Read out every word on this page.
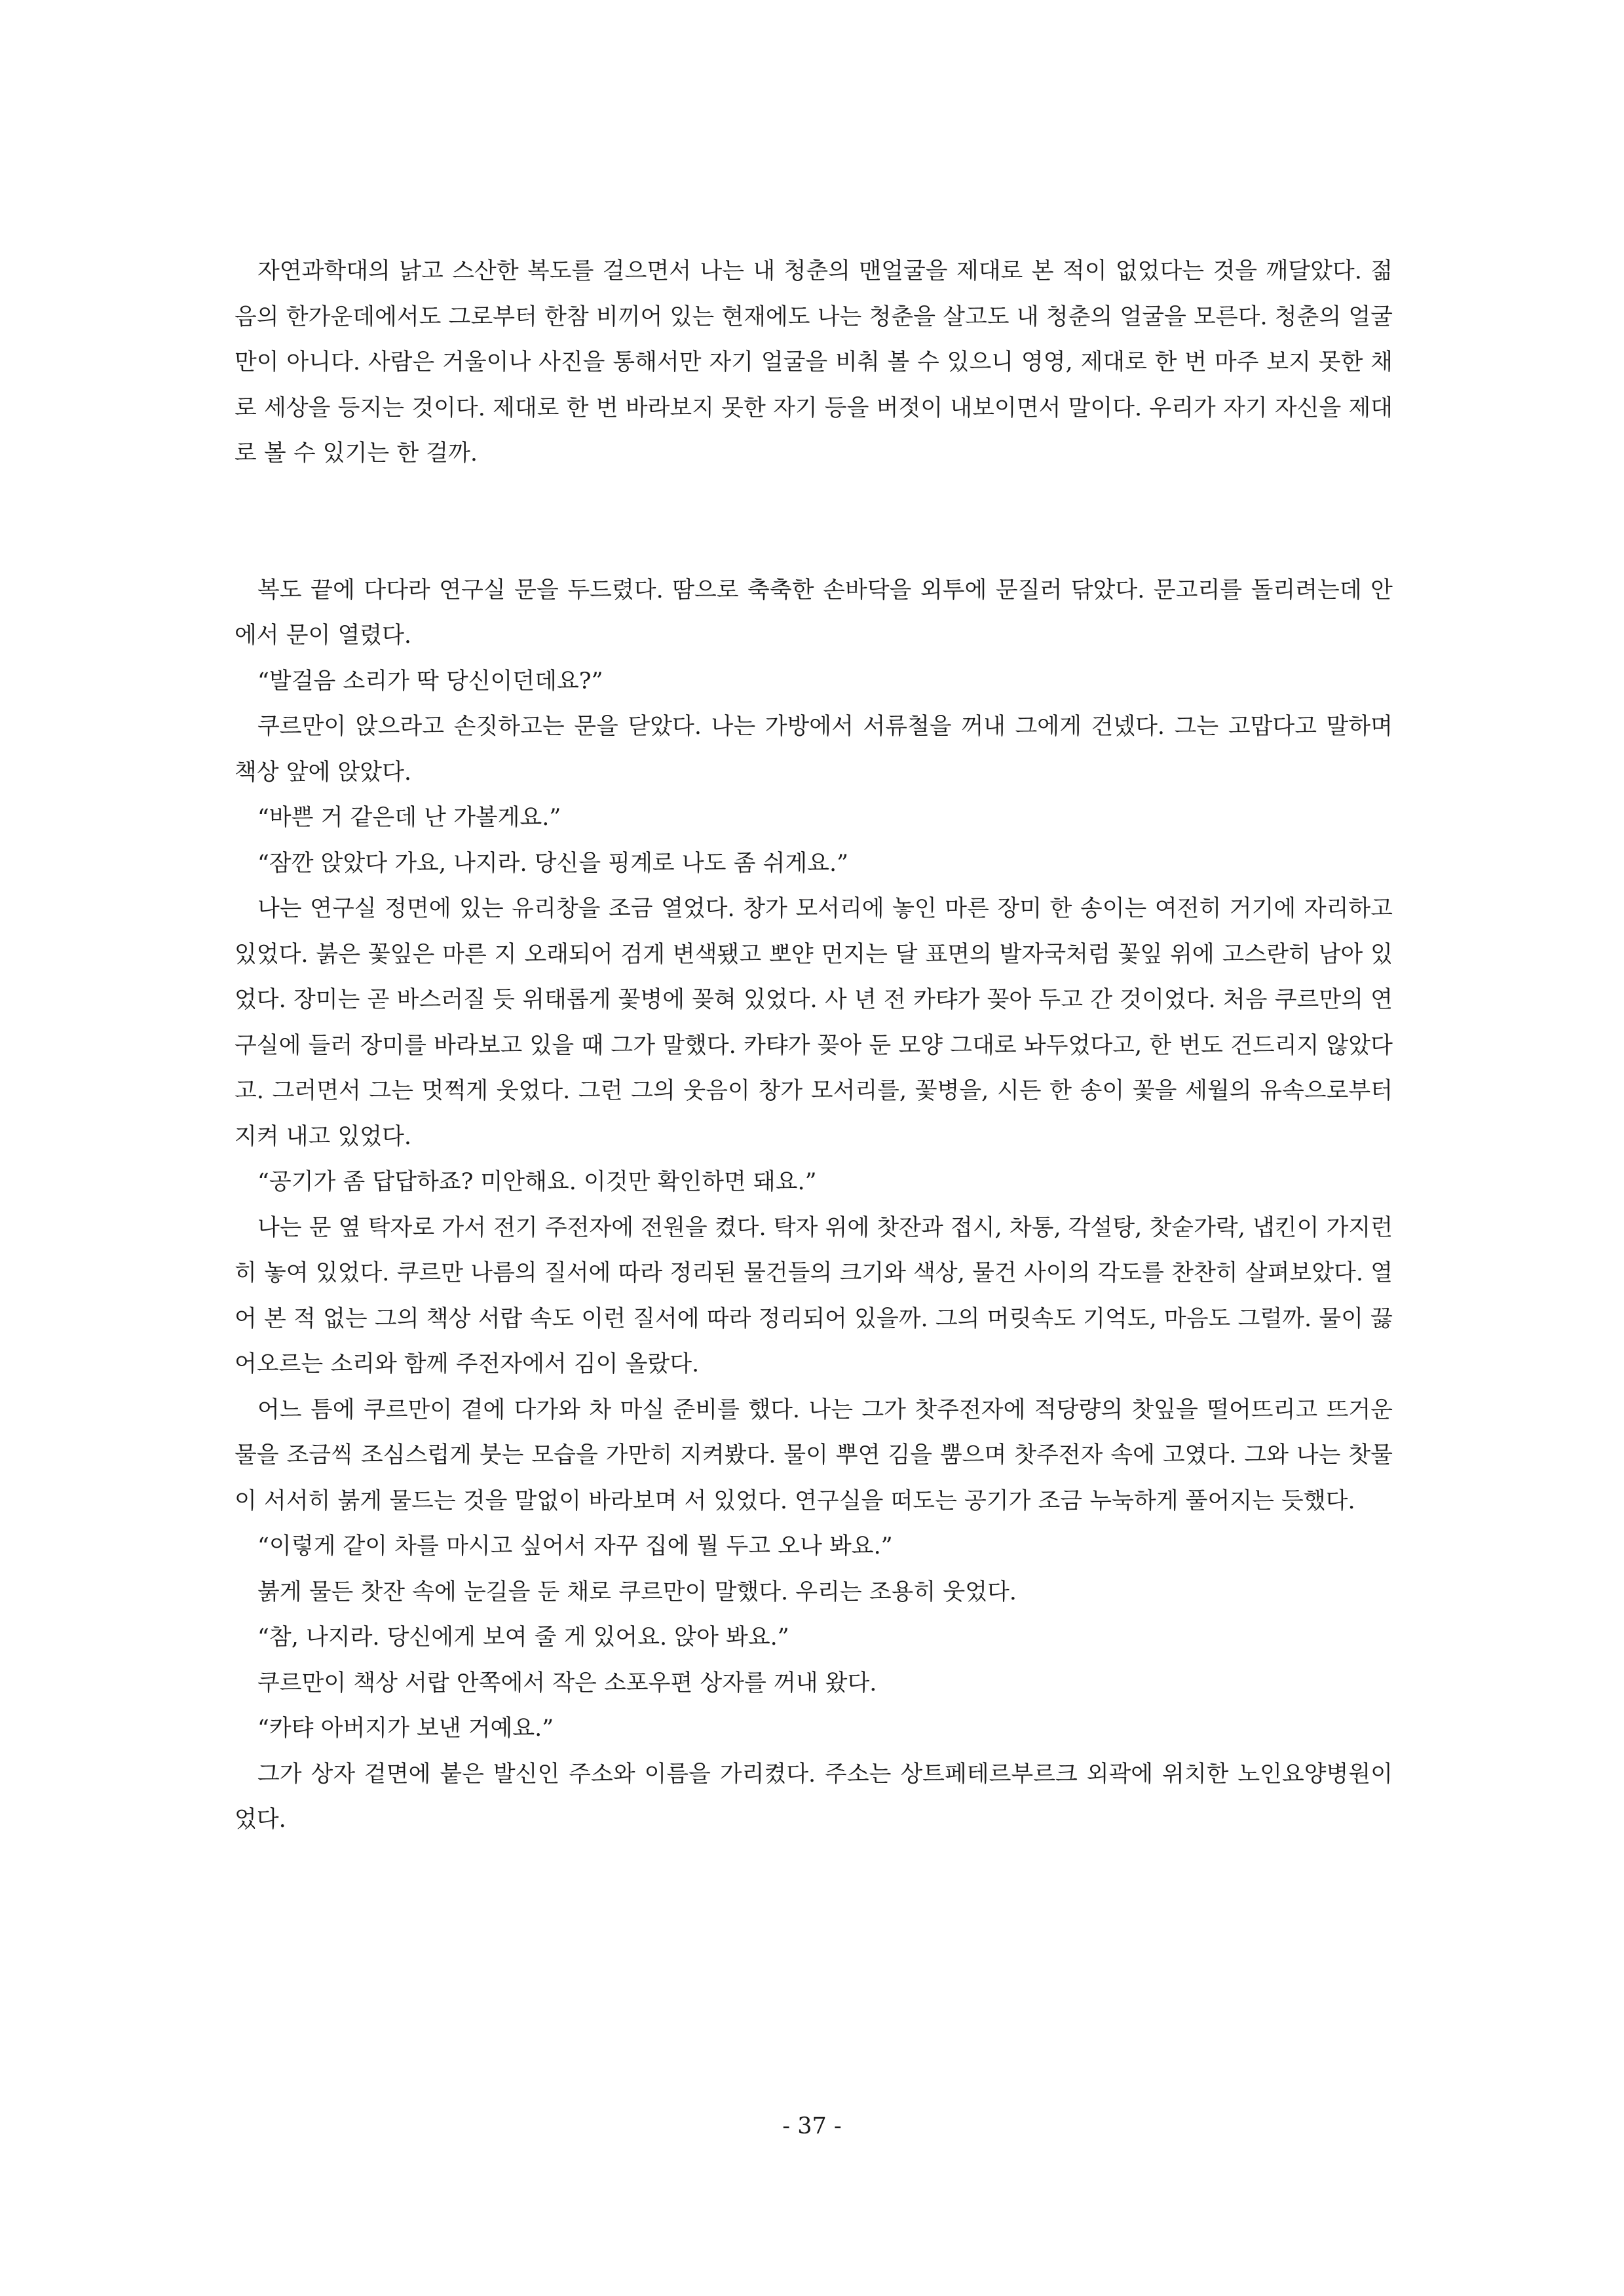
자연과학대의 낡고 스산한 복도를 걸으면서 나는 내 청춘의 맨얼굴을 제대로 본 적이 없었다는 것을 깨달았다. 젊음의 한가운데에서도 그로부터 한참 비끼어 있는 현재에도 나는 청춘을 살고도 내 청춘의 얼굴을 모른다. 청춘의 얼굴만이 아니다. 사람은 거울이나 사진을 통해서만 자기 얼굴을 비춰 볼 수 있으니 영영, 제대로 한 번 마주 보지 못한 채로 세상을 등지는 것이다. 제대로 한 번 바라보지 못한 자기 등을 버젓이 내보이면서 말이다. 우리가 자기 자신을 제대로 볼 수 있기는 한 걸까.

복도 끝에 다다라 연구실 문을 두드렸다. 땀으로 축축한 손바닥을 외투에 문질러 닦았다. 문고리를 돌리려는데 안에서 문이 열렸다.

“발걸음 소리가 딱 당신이던데요?”

쿠르만이 앉으라고 손짓하고는 문을 닫았다. 나는 가방에서 서류철을 꺼내 그에게 건넸다. 그는 고맙다고 말하며 책상 앞에 앉았다.

“바쁜 거 같은데 난 가볼게요.”

“잠깐 앉았다 가요, 나지라. 당신을 핑계로 나도 좀 쉬게요.”

나는 연구실 정면에 있는 유리창을 조금 열었다. 창가 모서리에 놓인 마른 장미 한 송이는 여전히 거기에 자리하고 있었다. 붉은 꽃잎은 마른 지 오래되어 검게 변색됐고 뽀얀 먼지는 달 표면의 발자국처럼 꽃잎 위에 고스란히 남아 있었다. 장미는 곧 바스러질 듯 위태롭게 꽃병에 꽂혀 있었다. 사 년 전 카탸가 꽂아 두고 간 것이었다. 처음 쿠르만의 연구실에 들러 장미를 바라보고 있을 때 그가 말했다. 카탸가 꽂아 둔 모양 그대로 놔두었다고, 한 번도 건드리지 않았다고. 그러면서 그는 멋쩍게 웃었다. 그런 그의 웃음이 창가 모서리를, 꽃병을, 시든 한 송이 꽃을 세월의 유속으로부터 지켜 내고 있었다.

“공기가 좀 답답하죠? 미안해요. 이것만 확인하면 돼요.”

나는 문 옆 탁자로 가서 전기 주전자에 전원을 켰다. 탁자 위에 찻잔과 접시, 차통, 각설탕, 찻숟가락, 냅킨이 가지런히 놓여 있었다. 쿠르만 나름의 질서에 따라 정리된 물건들의 크기와 색상, 물건 사이의 각도를 찬찬히 살펴보았다. 열어 본 적 없는 그의 책상 서랍 속도 이런 질서에 따라 정리되어 있을까. 그의 머릿속도 기억도, 마음도 그럴까. 물이 끓어오르는 소리와 함께 주전자에서 김이 올랐다.

어느 틈에 쿠르만이 곁에 다가와 차 마실 준비를 했다. 나는 그가 찻주전자에 적당량의 찻잎을 떨어뜨리고 뜨거운 물을 조금씩 조심스럽게 붓는 모습을 가만히 지켜봤다. 물이 뿌연 김을 뿜으며 찻주전자 속에 고였다. 그와 나는 찻물이 서서히 붉게 물드는 것을 말없이 바라보며 서 있었다. 연구실을 떠도는 공기가 조금 누눅하게 풀어지는 듯했다.

“이렇게 같이 차를 마시고 싶어서 자꾸 집에 뭘 두고 오나 봐요.”

붉게 물든 찻잔 속에 눈길을 둔 채로 쿠르만이 말했다. 우리는 조용히 웃었다.

“참, 나지라. 당신에게 보여 줄 게 있어요. 앉아 봐요.”

쿠르만이 책상 서랍 안쪽에서 작은 소포우편 상자를 꺼내 왔다.

“카탸 아버지가 보낸 거예요.”

그가 상자 겉면에 붙은 발신인 주소와 이름을 가리켰다. 주소는 상트페테르부르크 외곽에 위치한 노인요양병원이었다.

- 37 -
